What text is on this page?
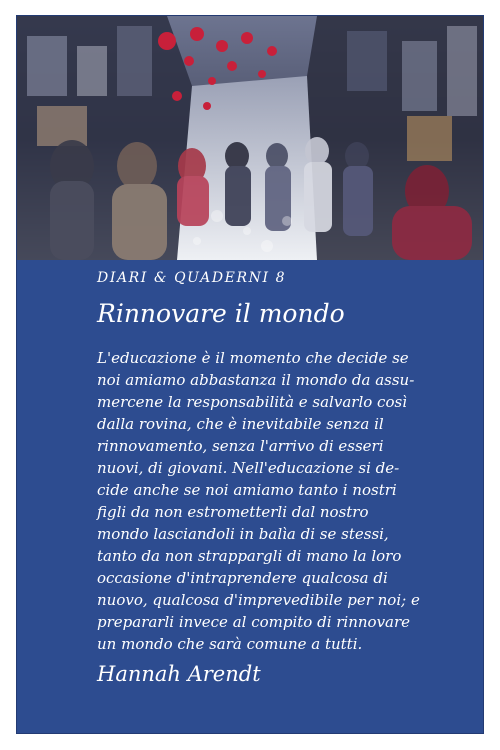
DIARI & QUADERNI 8
Rinnovare il mondo
L'educazione è il momento che decide se
noi amiamo abbastanza il mondo da assu-
mercene la responsabilità e salvarlo così
dalla rovina, che è inevitabile senza il
rinnovamento, senza l'arrivo di esseri
nuovi, di giovani. Nell'educazione si de-
cide anche se noi amiamo tanto i nostri
figli da non estrometterli dal nostro
mondo lasciandoli in balìa di se stessi,
tanto da non strappargli di mano la loro
occasione d'intraprendere qualcosa di
nuovo, qualcosa d'imprevedibile per noi; e
prepararli invece al compito di rinnovare
un mondo che sarà comune a tutti.
Hannah Arendt
